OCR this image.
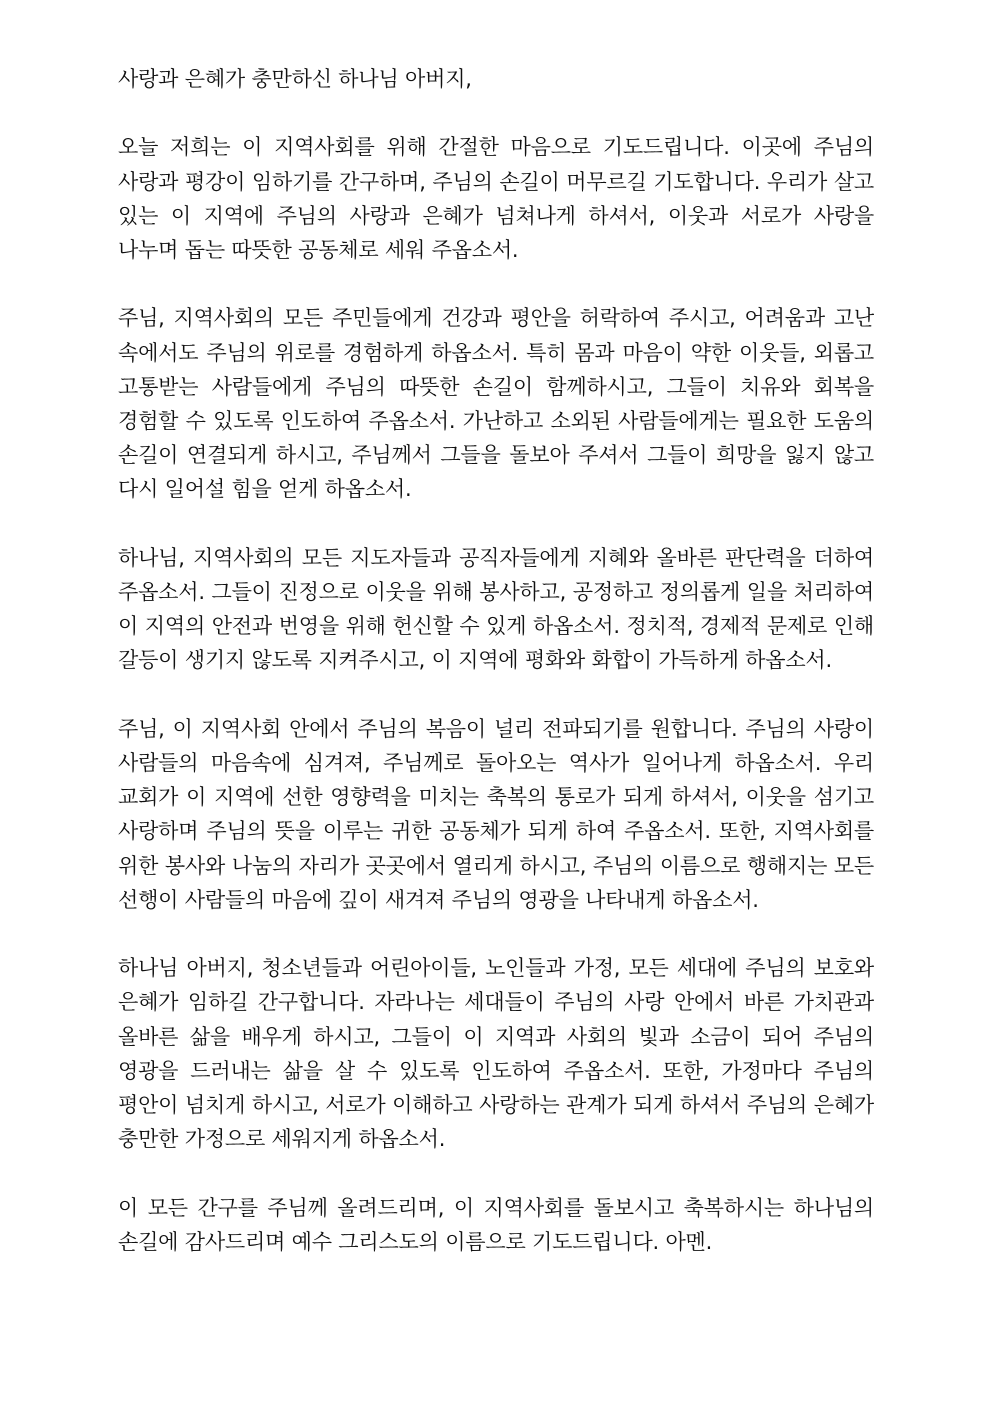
사랑과 은혜가 충만하신 하나님 아버지,

오늘 저희는 이 지역사회를 위해 간절한 마음으로 기도드립니다. 이곳에 주님의 사랑과 평강이 임하기를 간구하며, 주님의 손길이 머무르길 기도합니다. 우리가 살고 있는 이 지역에 주님의 사랑과 은혜가 넘쳐나게 하셔서, 이웃과 서로가 사랑을 나누며 돕는 따뜻한 공동체로 세워 주옵소서.

주님, 지역사회의 모든 주민들에게 건강과 평안을 허락하여 주시고, 어려움과 고난 속에서도 주님의 위로를 경험하게 하옵소서. 특히 몸과 마음이 약한 이웃들, 외롭고 고통받는 사람들에게 주님의 따뜻한 손길이 함께하시고, 그들이 치유와 회복을 경험할 수 있도록 인도하여 주옵소서. 가난하고 소외된 사람들에게는 필요한 도움의 손길이 연결되게 하시고, 주님께서 그들을 돌보아 주셔서 그들이 희망을 잃지 않고 다시 일어설 힘을 얻게 하옵소서.

하나님, 지역사회의 모든 지도자들과 공직자들에게 지혜와 올바른 판단력을 더하여 주옵소서. 그들이 진정으로 이웃을 위해 봉사하고, 공정하고 정의롭게 일을 처리하여 이 지역의 안전과 번영을 위해 헌신할 수 있게 하옵소서. 정치적, 경제적 문제로 인해 갈등이 생기지 않도록 지켜주시고, 이 지역에 평화와 화합이 가득하게 하옵소서.

주님, 이 지역사회 안에서 주님의 복음이 널리 전파되기를 원합니다. 주님의 사랑이 사람들의 마음속에 심겨져, 주님께로 돌아오는 역사가 일어나게 하옵소서. 우리 교회가 이 지역에 선한 영향력을 미치는 축복의 통로가 되게 하셔서, 이웃을 섬기고 사랑하며 주님의 뜻을 이루는 귀한 공동체가 되게 하여 주옵소서. 또한, 지역사회를 위한 봉사와 나눔의 자리가 곳곳에서 열리게 하시고, 주님의 이름으로 행해지는 모든 선행이 사람들의 마음에 깊이 새겨져 주님의 영광을 나타내게 하옵소서.

하나님 아버지, 청소년들과 어린아이들, 노인들과 가정, 모든 세대에 주님의 보호와 은혜가 임하길 간구합니다. 자라나는 세대들이 주님의 사랑 안에서 바른 가치관과 올바른 삶을 배우게 하시고, 그들이 이 지역과 사회의 빛과 소금이 되어 주님의 영광을 드러내는 삶을 살 수 있도록 인도하여 주옵소서. 또한, 가정마다 주님의 평안이 넘치게 하시고, 서로가 이해하고 사랑하는 관계가 되게 하셔서 주님의 은혜가 충만한 가정으로 세워지게 하옵소서.

이 모든 간구를 주님께 올려드리며, 이 지역사회를 돌보시고 축복하시는 하나님의 손길에 감사드리며 예수 그리스도의 이름으로 기도드립니다. 아멘.
